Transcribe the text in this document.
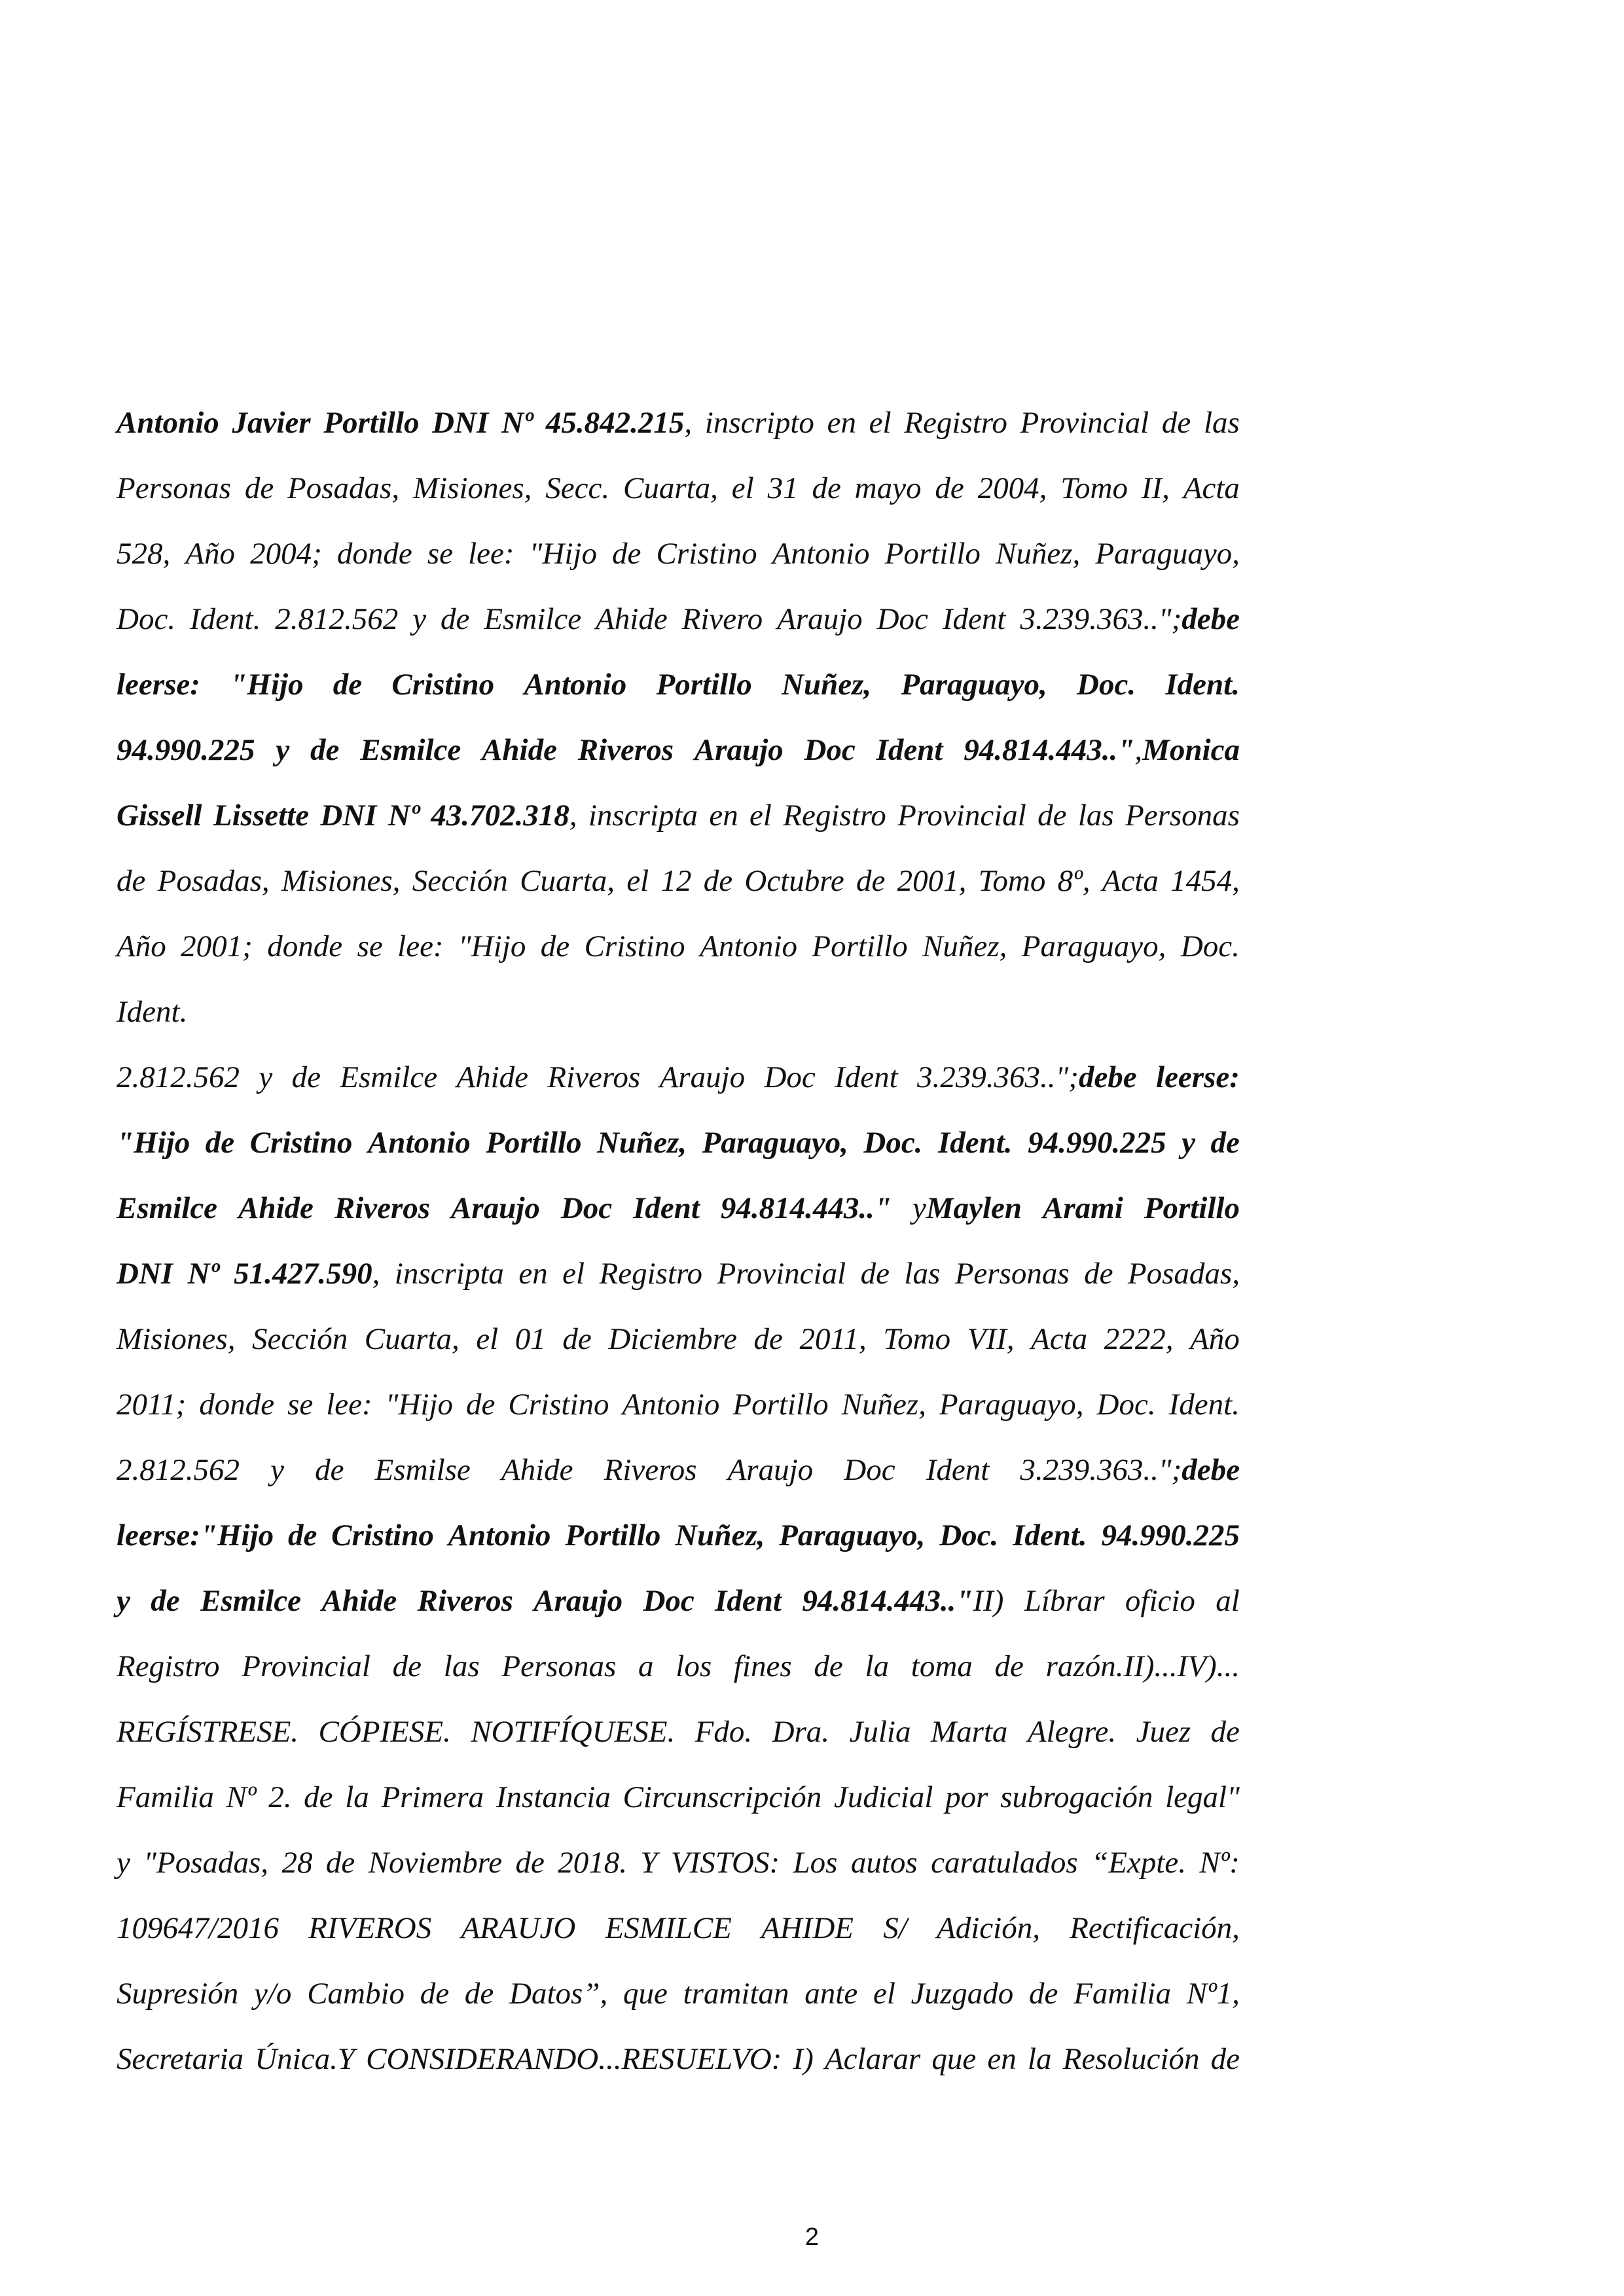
Antonio Javier Portillo DNI Nº 45.842.215, inscripto en el Registro Provincial de las
Personas de Posadas, Misiones, Secc. Cuarta, el 31 de mayo de 2004, Tomo II, Acta
528, Año 2004; donde se lee: "Hijo de Cristino Antonio Portillo Nuñez, Paraguayo,
Doc. Ident. 2.812.562 y de Esmilce Ahide Rivero Araujo Doc Ident 3.239.363..";debe
leerse: "Hijo de Cristino Antonio Portillo Nuñez, Paraguayo, Doc. Ident.
94.990.225 y de Esmilce Ahide Riveros Araujo Doc Ident 94.814.443..",Monica
Gissell Lissette DNI Nº 43.702.318, inscripta en el Registro Provincial de las Personas
de Posadas, Misiones, Sección Cuarta, el 12 de Octubre de 2001, Tomo 8º, Acta 1454,
Año 2001; donde se lee: "Hijo de Cristino Antonio Portillo Nuñez, Paraguayo, Doc.
Ident.
2.812.562 y de Esmilce Ahide Riveros Araujo Doc Ident 3.239.363..";debe leerse:
"Hijo de Cristino Antonio Portillo Nuñez, Paraguayo, Doc. Ident. 94.990.225 y de
Esmilce Ahide Riveros Araujo Doc Ident 94.814.443.." yMaylen Arami Portillo
DNI Nº 51.427.590, inscripta en el Registro Provincial de las Personas de Posadas,
Misiones, Sección Cuarta, el 01 de Diciembre de 2011, Tomo VII, Acta 2222, Año
2011; donde se lee: "Hijo de Cristino Antonio Portillo Nuñez, Paraguayo, Doc. Ident.
2.812.562 y de Esmilse Ahide Riveros Araujo Doc Ident 3.239.363..";debe
leerse:"Hijo de Cristino Antonio Portillo Nuñez, Paraguayo, Doc. Ident. 94.990.225
y de Esmilce Ahide Riveros Araujo Doc Ident 94.814.443.."II) Líbrar oficio al
Registro Provincial de las Personas a los fines de la toma de razón.II)...IV)...
REGÍSTRESE. CÓPIESE. NOTIFÍQUESE. Fdo. Dra. Julia Marta Alegre. Juez de
Familia Nº 2. de la Primera Instancia Circunscripción Judicial por subrogación legal"
y "Posadas, 28 de Noviembre de 2018. Y VISTOS: Los autos caratulados “Expte. Nº:
109647/2016 RIVEROS ARAUJO ESMILCE AHIDE S/ Adición, Rectificación,
Supresión y/o Cambio de de Datos”, que tramitan ante el Juzgado de Familia Nº1,
Secretaria Única.Y CONSIDERANDO...RESUELVO: I) Aclarar que en la Resolución de
2
